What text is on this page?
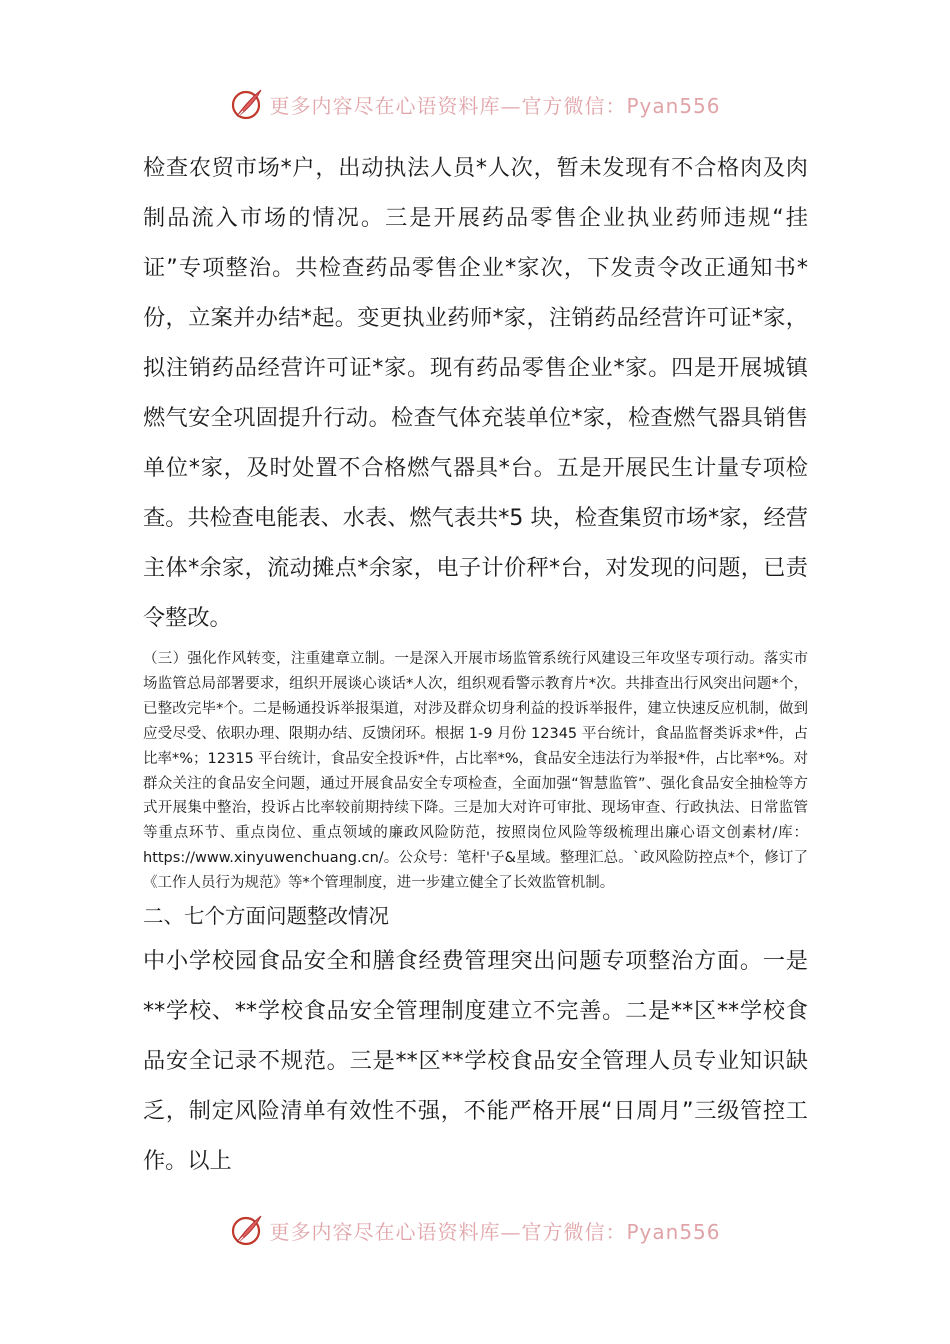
更多内容尽在心语资料库—官方微信：Pyan556

检查农贸市场*户，出动执法人员*人次，暂未发现有不合格肉及肉制品流入市场的情况。三是开展药品零售企业执业药师违规“挂证”专项整治。共检查药品零售企业*家次，下发责令改正通知书*份，立案并办结*起。变更执业药师*家，注销药品经营许可证*家，拟注销药品经营许可证*家。现有药品零售企业*家。四是开展城镇燃气安全巩固提升行动。检查气体充装单位*家，检查燃气器具销售单位*家，及时处置不合格燃气器具*台。五是开展民生计量专项检查。共检查电能表、水表、燃气表共*5 块，检查集贸市场*家，经营主体*余家，流动摊点*余家，电子计价秤*台，对发现的问题，已责令整改。

（三）强化作风转变，注重建章立制。一是深入开展市场监管系统行风建设三年攻坚专项行动。落实市场监管总局部署要求，组织开展谈心谈话*人次，组织观看警示教育片*次。共排查出行风突出问题*个，已整改完毕*个。二是畅通投诉举报渠道，对涉及群众切身利益的投诉举报件，建立快速反应机制，做到应受尽受、依职办理、限期办结、反馈闭环。根据 1-9 月份 12345 平台统计，食品监督类诉求*件，占比率*%；12315 平台统计，食品安全投诉*件，占比率*%，食品安全违法行为举报*件，占比率*%。对群众关注的食品安全问题，通过开展食品安全专项检查，全面加强“智慧监管”、强化食品安全抽检等方式开展集中整治，投诉占比率较前期持续下降。三是加大对许可审批、现场审查、行政执法、日常监管等重点环节、重点岗位、重点领域的廉政风险防范，按照岗位风险等级梳理出廉心语文创素材/库：https://www.xinyuwenchuang.cn/。公众号：笔杆'子&星域。整理汇总。`政风险防控点*个，修订了《工作人员行为规范》等*个管理制度，进一步建立健全了长效监管机制。

二、七个方面问题整改情况

中小学校园食品安全和膳食经费管理突出问题专项整治方面。一是**学校、**学校食品安全管理制度建立不完善。二是**区**学校食品安全记录不规范。三是**区**学校食品安全管理人员专业知识缺乏，制定风险清单有效性不强，不能严格开展“日周月”三级管控工作。以上

更多内容尽在心语资料库—官方微信：Pyan556
